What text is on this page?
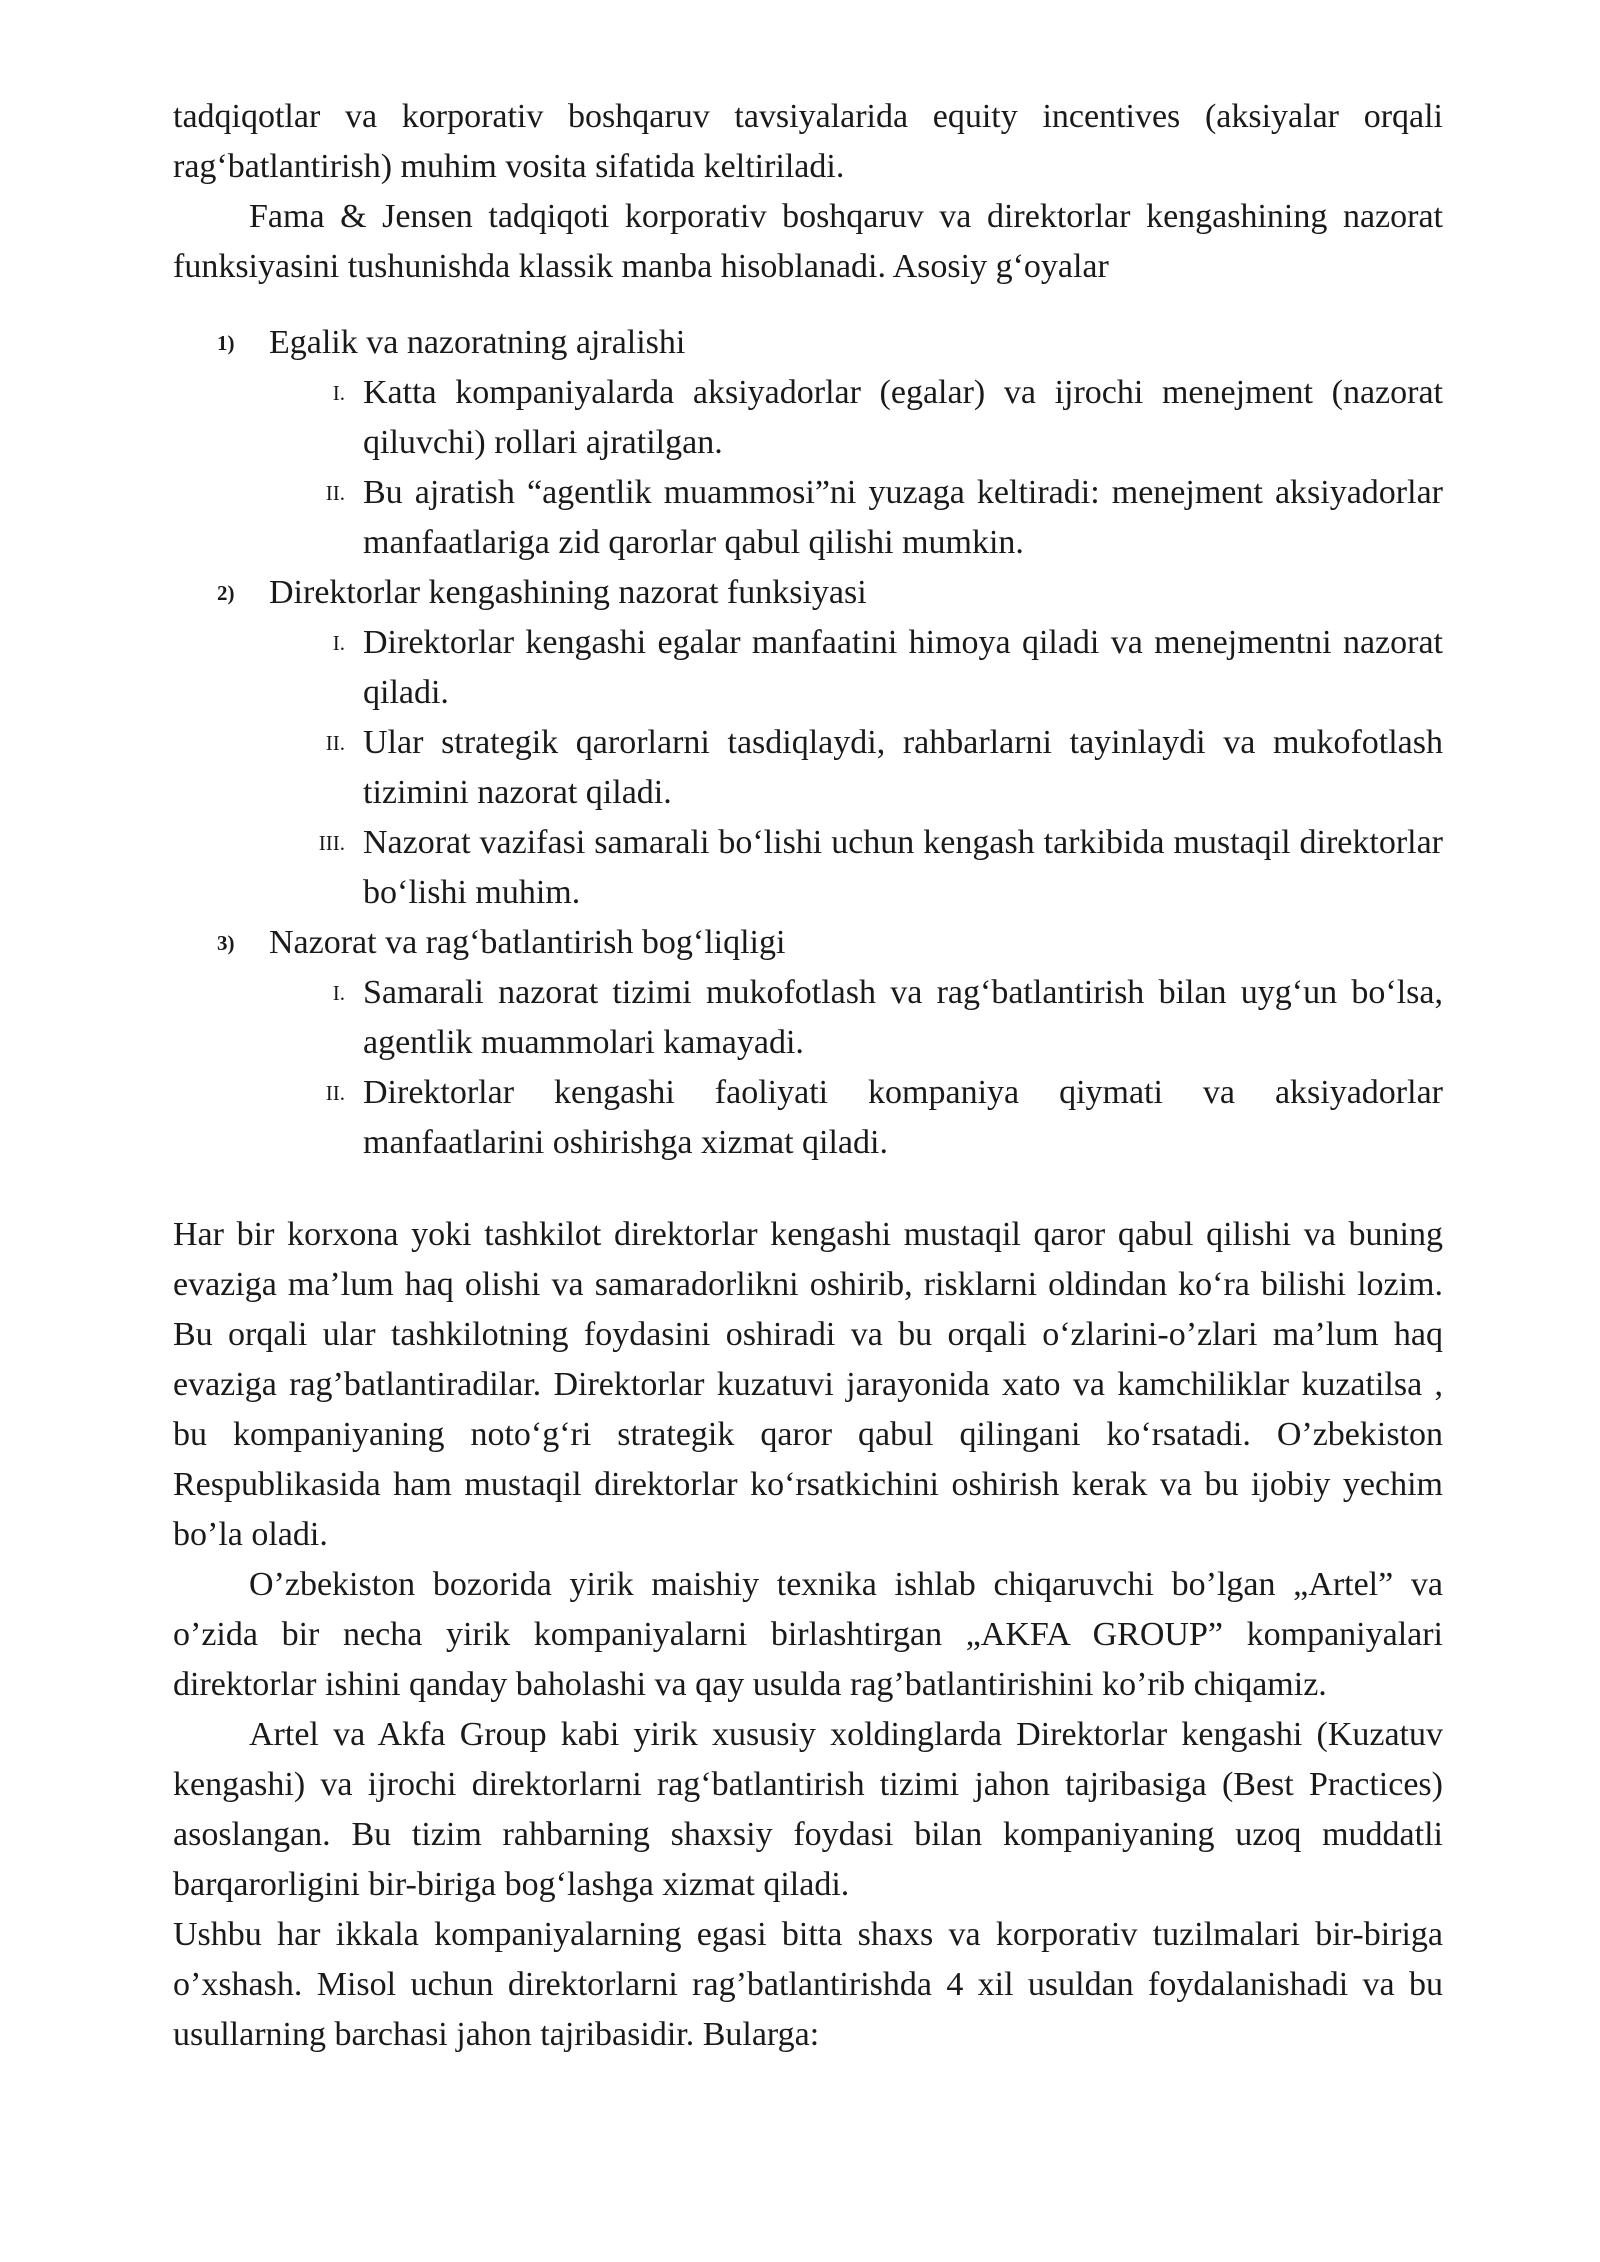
tadqiqotlar va korporativ boshqaruv tavsiyalarida equity incentives (aksiyalar orqali rag‘batlantirish) muhim vosita sifatida keltiriladi.

Fama & Jensen tadqiqoti korporativ boshqaruv va direktorlar kengashining nazorat funksiyasini tushunishda klassik manba hisoblanadi. Asosiy g‘oyalar

1) Egalik va nazoratning ajralishi
I. Katta kompaniyalarda aksiyadorlar (egalar) va ijrochi menejment (nazorat qiluvchi) rollari ajratilgan.
II. Bu ajratish “agentlik muammosi”ni yuzaga keltiradi: menejment aksiyadorlar manfaatlariga zid qarorlar qabul qilishi mumkin.
2) Direktorlar kengashining nazorat funksiyasi
I. Direktorlar kengashi egalar manfaatini himoya qiladi va menejmentni nazorat qiladi.
II. Ular strategik qarorlarni tasdiqlaydi, rahbarlarni tayinlaydi va mukofotlash tizimini nazorat qiladi.
III. Nazorat vazifasi samarali bo‘lishi uchun kengash tarkibida mustaqil direktorlar bo‘lishi muhim.
3) Nazorat va rag‘batlantirish bog‘liqligi
I. Samarali nazorat tizimi mukofotlash va rag‘batlantirish bilan uyg‘un bo‘lsa, agentlik muammolari kamayadi.
II. Direktorlar kengashi faoliyati kompaniya qiymati va aksiyadorlar manfaatlarini oshirishga xizmat qiladi.

Har bir korxona yoki tashkilot direktorlar kengashi mustaqil qaror qabul qilishi va buning evaziga ma’lum haq olishi va samaradorlikni oshirib, risklarni oldindan ko‘ra bilishi lozim. Bu orqali ular tashkilotning foydasini oshiradi va bu orqali o‘zlarini-o’zlari ma’lum haq evaziga rag’batlantiradilar. Direktorlar kuzatuvi jarayonida xato va kamchiliklar kuzatilsa , bu kompaniyaning noto‘g‘ri strategik qaror qabul qilingani ko‘rsatadi. O’zbekiston Respublikasida ham mustaqil direktorlar ko‘rsatkichini oshirish kerak va bu ijobiy yechim bo’la oladi.

O’zbekiston bozorida yirik maishiy texnika ishlab chiqaruvchi bo’lgan „Artel” va o’zida bir necha yirik kompaniyalarni birlashtirgan „AKFA GROUP” kompaniyalari direktorlar ishini qanday baholashi va qay usulda rag’batlantirishini ko’rib chiqamiz.

Artel va Akfa Group kabi yirik xususiy xoldinglarda Direktorlar kengashi (Kuzatuv kengashi) va ijrochi direktorlarni rag‘batlantirish tizimi jahon tajribasiga (Best Practices) asoslangan. Bu tizim rahbarning shaxsiy foydasi bilan kompaniyaning uzoq muddatli barqarorligini bir-biriga bog‘lashga xizmat qiladi.

Ushbu har ikkala kompaniyalarning egasi bitta shaxs va korporativ tuzilmalari bir-biriga o’xshash. Misol uchun direktorlarni rag’batlantirishda 4 xil usuldan foydalanishadi va bu usullarning barchasi jahon tajribasidir. Bularga:
